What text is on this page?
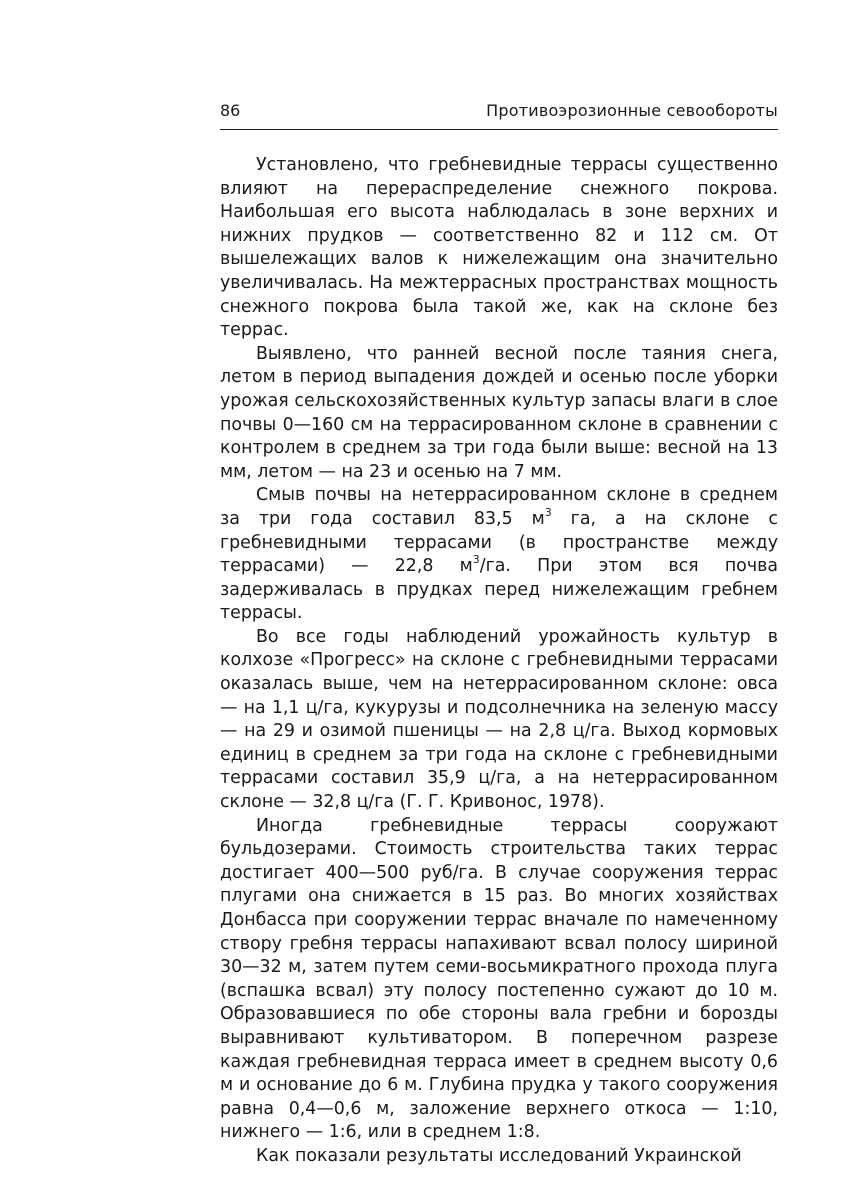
86	Противоэрозионные севообороты

Установлено, что гребневидные террасы существенно влияют на перераспределение снежного покрова. Наибольшая его высота наблюдалась в зоне верхних и нижних прудков — соответственно 82 и 112 см. От вышележащих валов к нижележащим она значительно увеличивалась. На межтеррасных пространствах мощность снежного покрова была такой же, как на склоне без террас.

Выявлено, что ранней весной после таяния снега, летом в период выпадения дождей и осенью после уборки урожая сельскохозяйственных культур запасы влаги в слое почвы 0—160 см на террасированном склоне в сравнении с контролем в среднем за три года были выше: весной на 13 мм, летом — на 23 и осенью на 7 мм.

Смыв почвы на нетеррасированном склоне в среднем за три года составил 83,5 $м^3$ га, а на склоне с гребневидными террасами (в пространстве между террасами) — 22,8 $м^3/га$. При этом вся почва задерживалась в прудках перед нижележащим гребнем террасы.

Во все годы наблюдений урожайность культур в колхозе «Прогресс» на склоне с гребневидными террасами оказалась выше, чем на нетеррасированном склоне: овса — на 1,1 ц/га, кукурузы и подсолнечника на зеленую массу — на 29 и озимой пшеницы — на 2,8 ц/га. Выход кормовых единиц в среднем за три года на склоне с гребневидными террасами составил 35,9 ц/га, а на нетеррасированном склоне — 32,8 ц/га (Г. Г. Кривонос, 1978).

Иногда гребневидные террасы сооружают бульдозерами. Стоимость строительства таких террас достигает 400—500 руб/га. В случае сооружения террас плугами она снижается в 15 раз. Во многих хозяйствах Донбасса при сооружении террас вначале по намеченному створу гребня террасы напахивают всвал полосу шириной 30—32 м, затем путем семи-восьмикратного прохода плуга (вспашка всвал) эту полосу постепенно сужают до 10 м. Образовавшиеся по обе стороны вала гребни и борозды выравнивают культиватором. В поперечном разрезе каждая гребневидная терраса имеет в среднем высоту 0,6 м и основание до 6 м. Глубина прудка у такого сооружения равна 0,4—0,6 м, заложение верхнего откоса — 1:10, нижнего — 1:6, или в среднем 1:8.

Как показали результаты исследований Украинской
